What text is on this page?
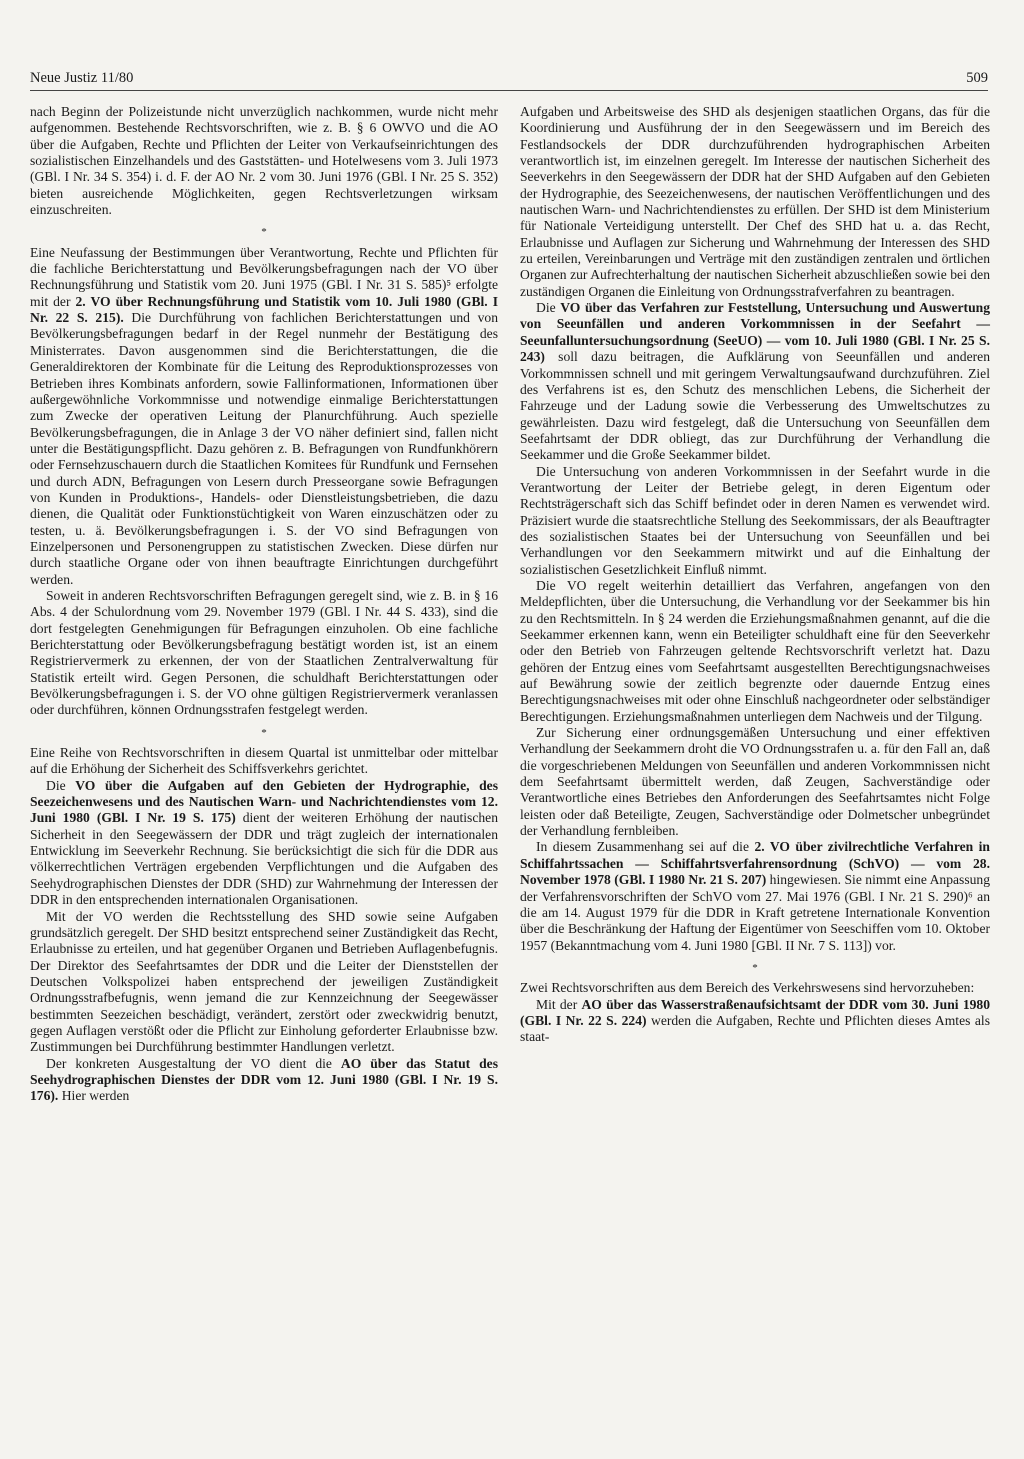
Neue Justiz 11/80	509

nach Beginn der Polizeistunde nicht unverzüglich nachkommen, wurde nicht mehr aufgenommen. Bestehende Rechtsvorschriften, wie z. B. § 6 OWVO und die AO über die Aufgaben, Rechte und Pflichten der Leiter von Verkaufseinrichtungen des sozialistischen Einzelhandels und des Gaststätten- und Hotelwesens vom 3. Juli 1973 (GBl. I Nr. 34 S. 354) i. d. F. der AO Nr. 2 vom 30. Juni 1976 (GBl. I Nr. 25 S. 352) bieten ausreichende Möglichkeiten, gegen Rechtsverletzungen wirksam einzuschreiten.

*

Eine Neufassung der Bestimmungen über Verantwortung, Rechte und Pflichten für die fachliche Berichterstattung und Bevölkerungsbefragungen nach der VO über Rechnungsführung und Statistik vom 20. Juni 1975 (GBl. I Nr. 31 S. 585)⁵ erfolgte mit der 2. VO über Rechnungsführung und Statistik vom 10. Juli 1980 (GBl. I Nr. 22 S. 215). Die Durchführung von fachlichen Berichterstattungen und von Bevölkerungsbefragungen bedarf in der Regel nunmehr der Bestätigung des Ministerrates. Davon ausgenommen sind die Berichterstattungen, die die Generaldirektoren der Kombinate für die Leitung des Reproduktionsprozesses von Betrieben ihres Kombinats anfordern, sowie Fallinformationen, Informationen über außergewöhnliche Vorkommnisse und notwendige einmalige Berichterstattungen zum Zwecke der operativen Leitung der Planurchführung. Auch spezielle Bevölkerungsbefragungen, die in Anlage 3 der VO näher definiert sind, fallen nicht unter die Bestätigungspflicht. Dazu gehören z. B. Befragungen von Rundfunkhörern oder Fernsehzuschauern durch die Staatlichen Komitees für Rundfunk und Fernsehen und durch ADN, Befragungen von Lesern durch Presseorgane sowie Befragungen von Kunden in Produktions-, Handels- oder Dienstleistungsbetrieben, die dazu dienen, die Qualität oder Funktionstüchtigkeit von Waren einzuschätzen oder zu testen, u. ä. Bevölkerungsbefragungen i. S. der VO sind Befragungen von Einzelpersonen und Personengruppen zu statistischen Zwecken. Diese dürfen nur durch staatliche Organe oder von ihnen beauftragte Einrichtungen durchgeführt werden.

Soweit in anderen Rechtsvorschriften Befragungen geregelt sind, wie z. B. in § 16 Abs. 4 der Schulordnung vom 29. November 1979 (GBl. I Nr. 44 S. 433), sind die dort festgelegten Genehmigungen für Befragungen einzuholen. Ob eine fachliche Berichterstattung oder Bevölkerungsbefragung bestätigt worden ist, ist an einem Registriervermerk zu erkennen, der von der Staatlichen Zentralverwaltung für Statistik erteilt wird. Gegen Personen, die schuldhaft Berichterstattungen oder Bevölkerungsbefragungen i. S. der VO ohne gültigen Registriervermerk veranlassen oder durchführen, können Ordnungsstrafen festgelegt werden.

*

Eine Reihe von Rechtsvorschriften in diesem Quartal ist unmittelbar oder mittelbar auf die Erhöhung der Sicherheit des Schiffsverkehrs gerichtet.

Die VO über die Aufgaben auf den Gebieten der Hydrographie, des Seezeichenwesens und des Nautischen Warn- und Nachrichtendienstes vom 12. Juni 1980 (GBl. I Nr. 19 S. 175) dient der weiteren Erhöhung der nautischen Sicherheit in den Seegewässern der DDR und trägt zugleich der internationalen Entwicklung im Seeverkehr Rechnung. Sie berücksichtigt die sich für die DDR aus völkerrechtlichen Verträgen ergebenden Verpflichtungen und die Aufgaben des Seehydrographischen Dienstes der DDR (SHD) zur Wahrnehmung der Interessen der DDR in den entsprechenden internationalen Organisationen.

Mit der VO werden die Rechtsstellung des SHD sowie seine Aufgaben grundsätzlich geregelt. Der SHD besitzt entsprechend seiner Zuständigkeit das Recht, Erlaubnisse zu erteilen, und hat gegenüber Organen und Betrieben Auflagenbefugnis. Der Direktor des Seefahrtsamtes der DDR und die Leiter der Dienststellen der Deutschen Volkspolizei haben entsprechend der jeweiligen Zuständigkeit Ordnungsstrafbefugnis, wenn jemand die zur Kennzeichnung der Seegewässer bestimmten Seezeichen beschädigt, verändert, zerstört oder zweckwidrig benutzt, gegen Auflagen verstößt oder die Pflicht zur Einholung geforderter Erlaubnisse bzw. Zustimmungen bei Durchführung bestimmter Handlungen verletzt.

Der konkreten Ausgestaltung der VO dient die AO über das Statut des Seehydrographischen Dienstes der DDR vom 12. Juni 1980 (GBl. I Nr. 19 S. 176). Hier werden

Aufgaben und Arbeitsweise des SHD als desjenigen staatlichen Organs, das für die Koordinierung und Ausführung der in den Seegewässern und im Bereich des Festlandsockels der DDR durchzuführenden hydrographischen Arbeiten verantwortlich ist, im einzelnen geregelt. Im Interesse der nautischen Sicherheit des Seeverkehrs in den Seegewässern der DDR hat der SHD Aufgaben auf den Gebieten der Hydrographie, des Seezeichenwesens, der nautischen Veröffentlichungen und des nautischen Warn- und Nachrichtendienstes zu erfüllen. Der SHD ist dem Ministerium für Nationale Verteidigung unterstellt. Der Chef des SHD hat u. a. das Recht, Erlaubnisse und Auflagen zur Sicherung und Wahrnehmung der Interessen des SHD zu erteilen, Vereinbarungen und Verträge mit den zuständigen zentralen und örtlichen Organen zur Aufrechterhaltung der nautischen Sicherheit abzuschließen sowie bei den zuständigen Organen die Einleitung von Ordnungsstrafverfahren zu beantragen.

Die VO über das Verfahren zur Feststellung, Untersuchung und Auswertung von Seeunfällen und anderen Vorkommnissen in der Seefahrt — Seeunfalluntersuchungsordnung (SeeUO) — vom 10. Juli 1980 (GBl. I Nr. 25 S. 243) soll dazu beitragen, die Aufklärung von Seeunfällen und anderen Vorkommnissen schnell und mit geringem Verwaltungsaufwand durchzuführen. Ziel des Verfahrens ist es, den Schutz des menschlichen Lebens, die Sicherheit der Fahrzeuge und der Ladung sowie die Verbesserung des Umweltschutzes zu gewährleisten. Dazu wird festgelegt, daß die Untersuchung von Seeunfällen dem Seefahrtsamt der DDR obliegt, das zur Durchführung der Verhandlung die Seekammer und die Große Seekammer bildet.

Die Untersuchung von anderen Vorkommnissen in der Seefahrt wurde in die Verantwortung der Leiter der Betriebe gelegt, in deren Eigentum oder Rechtsträgerschaft sich das Schiff befindet oder in deren Namen es verwendet wird. Präzisiert wurde die staatsrechtliche Stellung des Seekommissars, der als Beauftragter des sozialistischen Staates bei der Untersuchung von Seeunfällen und bei Verhandlungen vor den Seekammern mitwirkt und auf die Einhaltung der sozialistischen Gesetzlichkeit Einfluß nimmt.

Die VO regelt weiterhin detailliert das Verfahren, angefangen von den Meldepflichten, über die Untersuchung, die Verhandlung vor der Seekammer bis hin zu den Rechtsmitteln. In § 24 werden die Erziehungsmaßnahmen genannt, auf die die Seekammer erkennen kann, wenn ein Beteiligter schuldhaft eine für den Seeverkehr oder den Betrieb von Fahrzeugen geltende Rechtsvorschrift verletzt hat. Dazu gehören der Entzug eines vom Seefahrtsamt ausgestellten Berechtigungsnachweises auf Bewährung sowie der zeitlich begrenzte oder dauernde Entzug eines Berechtigungsnachweises mit oder ohne Einschluß nachgeordneter oder selbständiger Berechtigungen. Erziehungsmaßnahmen unterliegen dem Nachweis und der Tilgung.

Zur Sicherung einer ordnungsgemäßen Untersuchung und einer effektiven Verhandlung der Seekammern droht die VO Ordnungsstrafen u. a. für den Fall an, daß die vorgeschriebenen Meldungen von Seeunfällen und anderen Vorkommnissen nicht dem Seefahrtsamt übermittelt werden, daß Zeugen, Sachverständige oder Verantwortliche eines Betriebes den Anforderungen des Seefahrtsamtes nicht Folge leisten oder daß Beteiligte, Zeugen, Sachverständige oder Dolmetscher unbegründet der Verhandlung fernbleiben.

In diesem Zusammenhang sei auf die 2. VO über zivilrechtliche Verfahren in Schiffahrtssachen — Schiffahrtsverfahrensordnung (SchVO) — vom 28. November 1978 (GBl. I 1980 Nr. 21 S. 207) hingewiesen. Sie nimmt eine Anpassung der Verfahrensvorschriften der SchVO vom 27. Mai 1976 (GBl. I Nr. 21 S. 290)⁶ an die am 14. August 1979 für die DDR in Kraft getretene Internationale Konvention über die Beschränkung der Haftung der Eigentümer von Seeschiffen vom 10. Oktober 1957 (Bekanntmachung vom 4. Juni 1980 [GBl. II Nr. 7 S. 113]) vor.

*

Zwei Rechtsvorschriften aus dem Bereich des Verkehrswesens sind hervorzuheben:

Mit der AO über das Wasserstraßenaufsichtsamt der DDR vom 30. Juni 1980 (GBl. I Nr. 22 S. 224) werden die Aufgaben, Rechte und Pflichten dieses Amtes als staat-
